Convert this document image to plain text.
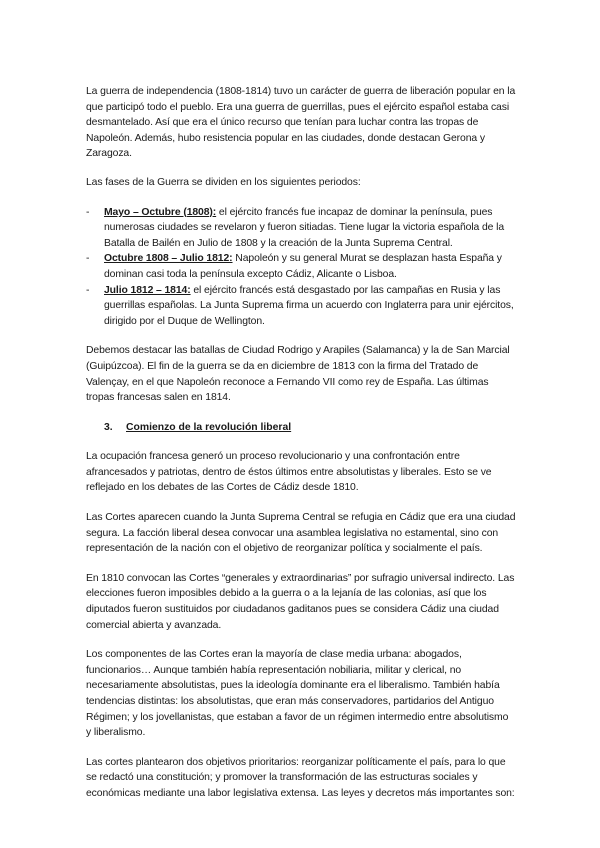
La guerra de independencia (1808-1814) tuvo un carácter de guerra de liberación popular en la que participó todo el pueblo. Era una guerra de guerrillas, pues el ejército español estaba casi desmantelado. Así que era el único recurso que tenían para luchar contra las tropas de Napoleón. Además, hubo resistencia popular en las ciudades, donde destacan Gerona y Zaragoza.

Las fases de la Guerra se dividen en los siguientes periodos:

- Mayo – Octubre (1808): el ejército francés fue incapaz de dominar la península, pues numerosas ciudades se revelaron y fueron sitiadas. Tiene lugar la victoria española de la Batalla de Bailén en Julio de 1808 y la creación de la Junta Suprema Central.
- Octubre 1808 – Julio 1812: Napoleón y su general Murat se desplazan hasta España y dominan casi toda la península excepto Cádiz, Alicante o Lisboa.
- Julio 1812 – 1814: el ejército francés está desgastado por las campañas en Rusia y las guerrillas españolas. La Junta Suprema firma un acuerdo con Inglaterra para unir ejércitos, dirigido por el Duque de Wellington.

Debemos destacar las batallas de Ciudad Rodrigo y Arapiles (Salamanca) y la de San Marcial (Guipúzcoa). El fin de la guerra se da en diciembre de 1813 con la firma del Tratado de Valençay, en el que Napoleón reconoce a Fernando VII como rey de España. Las últimas tropas francesas salen en 1814.

3. Comienzo de la revolución liberal

La ocupación francesa generó un proceso revolucionario y una confrontación entre afrancesados y patriotas, dentro de éstos últimos entre absolutistas y liberales. Esto se ve reflejado en los debates de las Cortes de Cádiz desde 1810.

Las Cortes aparecen cuando la Junta Suprema Central se refugia en Cádiz que era una ciudad segura. La facción liberal desea convocar una asamblea legislativa no estamental, sino con representación de la nación con el objetivo de reorganizar política y socialmente el país.

En 1810 convocan las Cortes “generales y extraordinarias” por sufragio universal indirecto. Las elecciones fueron imposibles debido a la guerra o a la lejanía de las colonias, así que los diputados fueron sustituidos por ciudadanos gaditanos pues se considera Cádiz una ciudad comercial abierta y avanzada.

Los componentes de las Cortes eran la mayoría de clase media urbana: abogados, funcionarios… Aunque también había representación nobiliaria, militar y clerical, no necesariamente absolutistas, pues la ideología dominante era el liberalismo. También había tendencias distintas: los absolutistas, que eran más conservadores, partidarios del Antiguo Régimen; y los jovellanistas, que estaban a favor de un régimen intermedio entre absolutismo y liberalismo.

Las cortes plantearon dos objetivos prioritarios: reorganizar políticamente el país, para lo que se redactó una constitución; y promover la transformación de las estructuras sociales y económicas mediante una labor legislativa extensa. Las leyes y decretos más importantes son:
